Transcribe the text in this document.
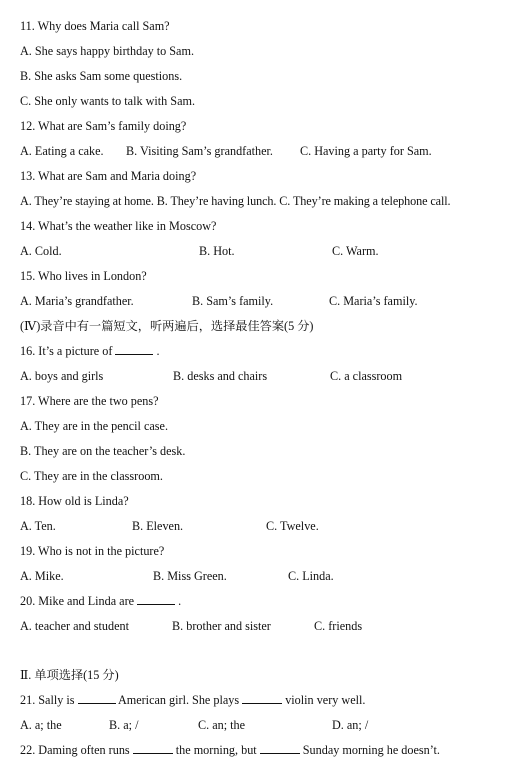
11. Why does Maria call Sam?
A. She says happy birthday to Sam.
B. She asks Sam some questions.
C. She only wants to talk with Sam.
12. What are Sam’s family doing?
A. Eating a cake. B. Visiting Sam’s grandfather. C. Having a party for Sam.
13. What are Sam and Maria doing?
A. They’re staying at home. B. They’re having lunch. C. They’re making a telephone call.
14. What’s the weather like in Moscow?
A. Cold.	B. Hot.	C. Warm.
15. Who lives in London?
A. Maria’s grandfather.	B. Sam’s family.	C. Maria’s family.
(Ⅳ)录音中有一篇短文，听两遍后，选择最佳答案(5 分)
16. It’s a picture of	.
A. boys and girls	B. desks and chairs	C. a classroom
17. Where are the two pens?
A. They are in the pencil case.
B. They are on the teacher’s desk.
C. They are in the classroom.
18. How old is Linda?
A. Ten.	B. Eleven.	C. Twelve.
19. Who is not in the picture?
A. Mike.	B. Miss Green.	C. Linda.
20. Mike and Linda are	.
A. teacher and student	B. brother and sister	C. friends
Ⅱ. 单项选择(15 分)
21. Sally is	American girl. She plays	violin very well.
A. a; the	B. a; /	C. an; the	D. an; /
22. Daming often runs	the morning, but	Sunday morning he doesn’t.
